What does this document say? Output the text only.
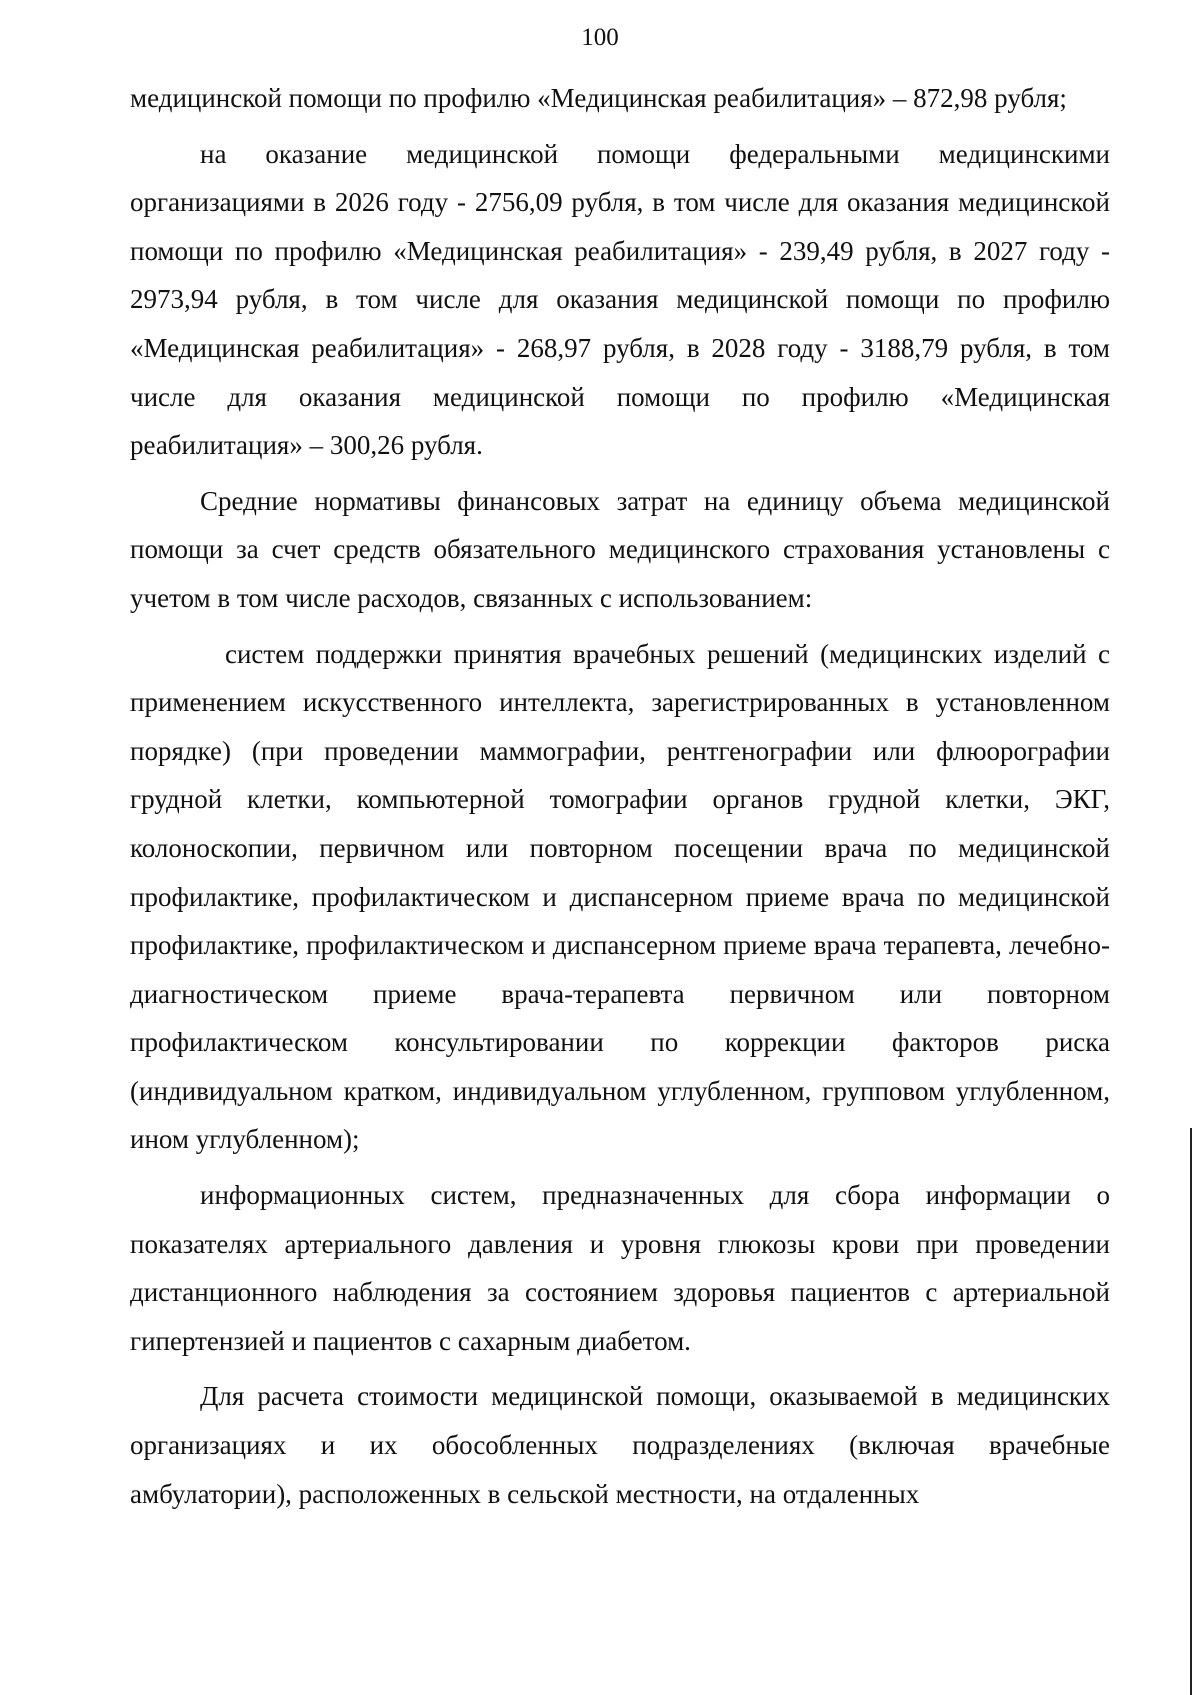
100

медицинской помощи по профилю «Медицинская реабилитация» – 872,98 рубля;

на оказание медицинской помощи федеральными медицинскими организациями в 2026 году - 2756,09 рубля, в том числе для оказания медицинской помощи по профилю «Медицинская реабилитация» - 239,49 рубля, в 2027 году - 2973,94 рубля, в том числе для оказания медицинской помощи по профилю «Медицинская реабилитация» - 268,97 рубля, в 2028 году - 3188,79 рубля, в том числе для оказания медицинской помощи по профилю «Медицинская реабилитация» – 300,26 рубля.

Средние нормативы финансовых затрат на единицу объема медицинской помощи за счет средств обязательного медицинского страхования установлены с учетом в том числе расходов, связанных с использованием:

систем поддержки принятия врачебных решений (медицинских изделий с применением искусственного интеллекта, зарегистрированных в установленном порядке) (при проведении маммографии, рентгенографии или флюорографии грудной клетки, компьютерной томографии органов грудной клетки, ЭКГ, колоноскопии, первичном или повторном посещении врача по медицинской профилактике, профилактическом и диспансерном приеме врача по медицинской профилактике, профилактическом и диспансерном приеме врача терапевта, лечебно-диагностическом приеме врача-терапевта первичном или повторном профилактическом консультировании по коррекции факторов риска (индивидуальном кратком, индивидуальном углубленном, групповом углубленном, ином углубленном);

информационных систем, предназначенных для сбора информации о показателях артериального давления и уровня глюкозы крови при проведении дистанционного наблюдения за состоянием здоровья пациентов с артериальной гипертензией и пациентов с сахарным диабетом.

Для расчета стоимости медицинской помощи, оказываемой в медицинских организациях и их обособленных подразделениях (включая врачебные амбулатории), расположенных в сельской местности, на отдаленных
